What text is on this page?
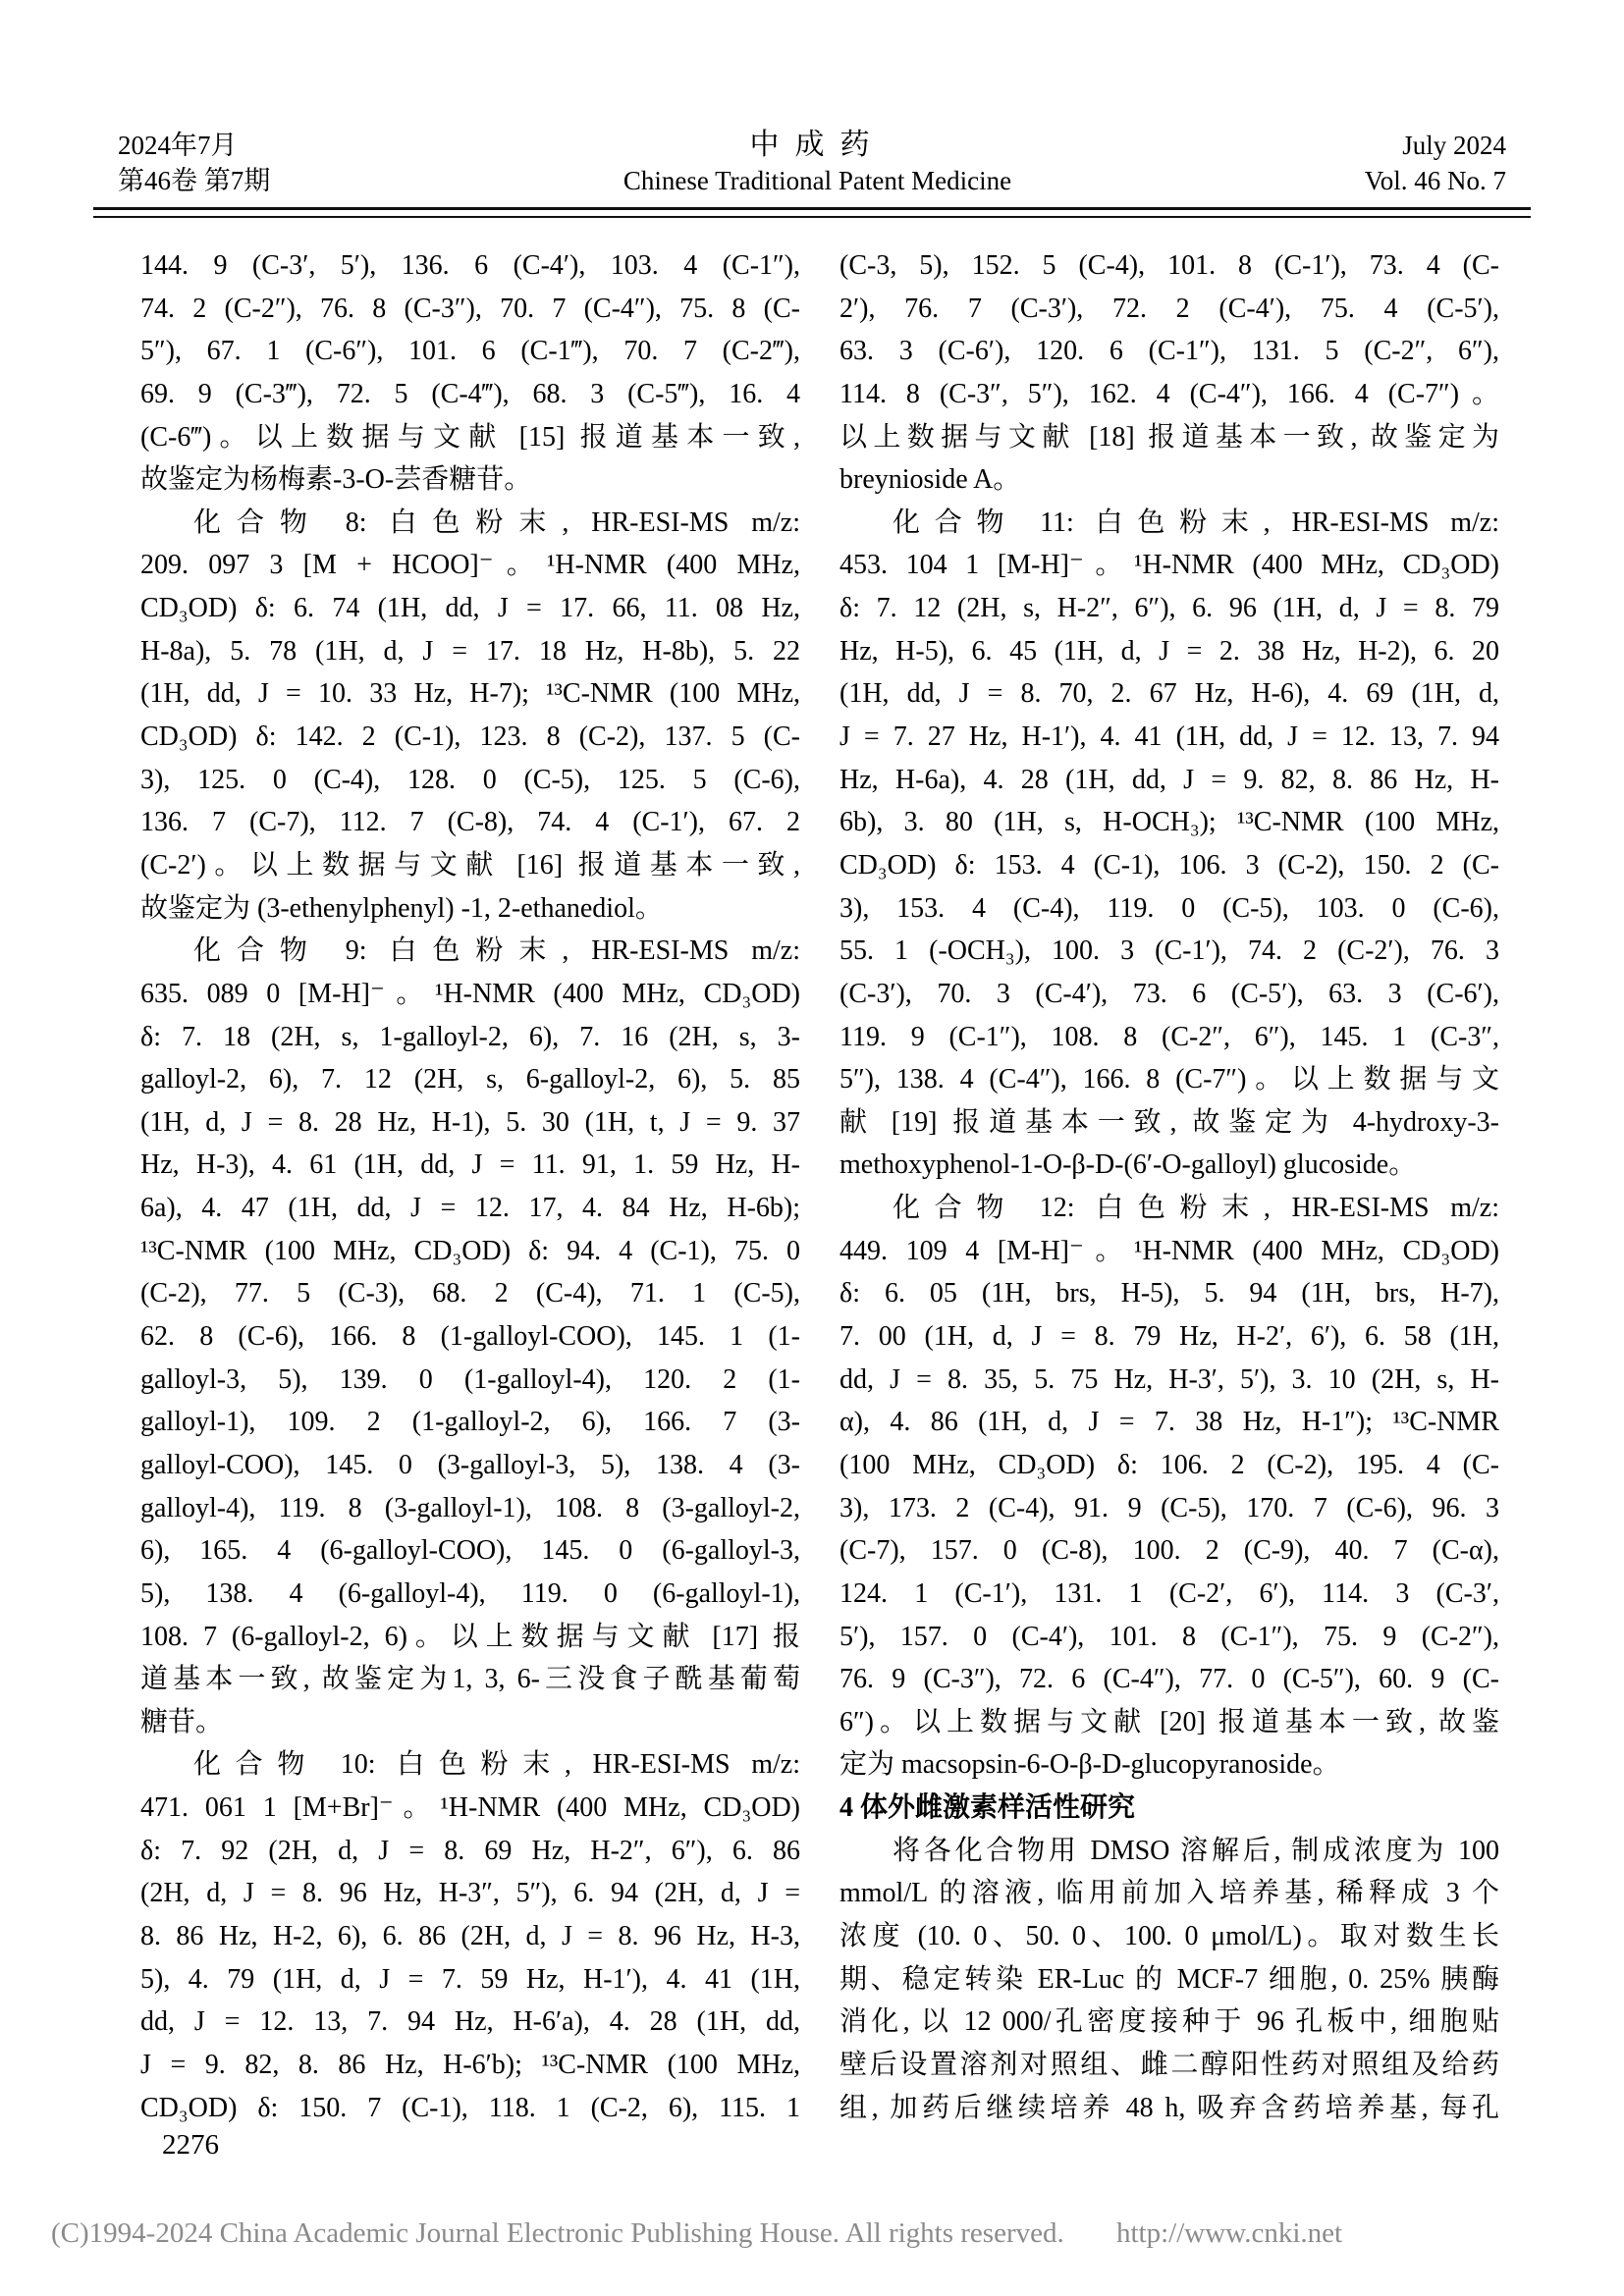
2024年7月
第46卷 第7期
中成药
Chinese Traditional Patent Medicine
July 2024
Vol. 46 No. 7
144. 9 (C-3′, 5′), 136. 6 (C-4′), 103. 4 (C-1″),
74. 2 (C-2″), 76. 8 (C-3″), 70. 7 (C-4″), 75. 8 (C-
5″), 67. 1 (C-6″), 101. 6 (C-1‴), 70. 7 (C-2‴),
69. 9 (C-3‴), 72. 5 (C-4‴), 68. 3 (C-5‴), 16. 4
(C-6‴)。以上数据与文献 [15] 报道基本一致,
故鉴定为杨梅素-3-O-芸香糖苷。
化合物 8: 白色粉末, HR-ESI-MS m/z:
209. 097 3 [M + HCOO]⁻。¹H-NMR (400 MHz,
CD₃OD) δ: 6. 74 (1H, dd, J = 17. 66, 11. 08 Hz,
H-8a), 5. 78 (1H, d, J = 17. 18 Hz, H-8b), 5. 22
(1H, dd, J = 10. 33 Hz, H-7); ¹³C-NMR (100 MHz,
CD₃OD) δ: 142. 2 (C-1), 123. 8 (C-2), 137. 5 (C-
3), 125. 0 (C-4), 128. 0 (C-5), 125. 5 (C-6),
136. 7 (C-7), 112. 7 (C-8), 74. 4 (C-1′), 67. 2
(C-2′)。以上数据与文献 [16] 报道基本一致,
故鉴定为 (3-ethenylphenyl) -1, 2-ethanediol。
化合物 9: 白色粉末, HR-ESI-MS m/z:
635. 089 0 [M-H]⁻。¹H-NMR (400 MHz, CD₃OD)
δ: 7. 18 (2H, s, 1-galloyl-2, 6), 7. 16 (2H, s, 3-
galloyl-2, 6), 7. 12 (2H, s, 6-galloyl-2, 6), 5. 85
(1H, d, J = 8. 28 Hz, H-1), 5. 30 (1H, t, J = 9. 37
Hz, H-3), 4. 61 (1H, dd, J = 11. 91, 1. 59 Hz, H-
6a), 4. 47 (1H, dd, J = 12. 17, 4. 84 Hz, H-6b);
¹³C-NMR (100 MHz, CD₃OD) δ: 94. 4 (C-1), 75. 0
(C-2), 77. 5 (C-3), 68. 2 (C-4), 71. 1 (C-5),
62. 8 (C-6), 166. 8 (1-galloyl-COO), 145. 1 (1-
galloyl-3, 5), 139. 0 (1-galloyl-4), 120. 2 (1-
galloyl-1), 109. 2 (1-galloyl-2, 6), 166. 7 (3-
galloyl-COO), 145. 0 (3-galloyl-3, 5), 138. 4 (3-
galloyl-4), 119. 8 (3-galloyl-1), 108. 8 (3-galloyl-2,
6), 165. 4 (6-galloyl-COO), 145. 0 (6-galloyl-3,
5), 138. 4 (6-galloyl-4), 119. 0 (6-galloyl-1),
108. 7 (6-galloyl-2, 6)。以上数据与文献 [17] 报
道基本一致, 故鉴定为1, 3, 6-三没食子酰基葡萄
糖苷。
化合物 10: 白色粉末, HR-ESI-MS m/z:
471. 061 1 [M+Br]⁻。¹H-NMR (400 MHz, CD₃OD)
δ: 7. 92 (2H, d, J = 8. 69 Hz, H-2″, 6″), 6. 86
(2H, d, J = 8. 96 Hz, H-3″, 5″), 6. 94 (2H, d, J =
8. 86 Hz, H-2, 6), 6. 86 (2H, d, J = 8. 96 Hz, H-3,
5), 4. 79 (1H, d, J = 7. 59 Hz, H-1′), 4. 41 (1H,
dd, J = 12. 13, 7. 94 Hz, H-6′a), 4. 28 (1H, dd,
J = 9. 82, 8. 86 Hz, H-6′b); ¹³C-NMR (100 MHz,
CD₃OD) δ: 150. 7 (C-1), 118. 1 (C-2, 6), 115. 1
(C-3, 5), 152. 5 (C-4), 101. 8 (C-1′), 73. 4 (C-
2′), 76. 7 (C-3′), 72. 2 (C-4′), 75. 4 (C-5′),
63. 3 (C-6′), 120. 6 (C-1″), 131. 5 (C-2″, 6″),
114. 8 (C-3″, 5″), 162. 4 (C-4″), 166. 4 (C-7″)。
以上数据与文献 [18] 报道基本一致, 故鉴定为
breynioside A。
化合物 11: 白色粉末, HR-ESI-MS m/z:
453. 104 1 [M-H]⁻。¹H-NMR (400 MHz, CD₃OD)
δ: 7. 12 (2H, s, H-2″, 6″), 6. 96 (1H, d, J = 8. 79
Hz, H-5), 6. 45 (1H, d, J = 2. 38 Hz, H-2), 6. 20
(1H, dd, J = 8. 70, 2. 67 Hz, H-6), 4. 69 (1H, d,
J = 7. 27 Hz, H-1′), 4. 41 (1H, dd, J = 12. 13, 7. 94
Hz, H-6a), 4. 28 (1H, dd, J = 9. 82, 8. 86 Hz, H-
6b), 3. 80 (1H, s, H-OCH₃); ¹³C-NMR (100 MHz,
CD₃OD) δ: 153. 4 (C-1), 106. 3 (C-2), 150. 2 (C-
3), 153. 4 (C-4), 119. 0 (C-5), 103. 0 (C-6),
55. 1 (-OCH₃), 100. 3 (C-1′), 74. 2 (C-2′), 76. 3
(C-3′), 70. 3 (C-4′), 73. 6 (C-5′), 63. 3 (C-6′),
119. 9 (C-1″), 108. 8 (C-2″, 6″), 145. 1 (C-3″,
5″), 138. 4 (C-4″), 166. 8 (C-7″)。以上数据与文
献 [19] 报道基本一致, 故鉴定为 4-hydroxy-3-
methoxyphenol-1-O-β-D-(6′-O-galloyl) glucoside。
化合物 12: 白色粉末, HR-ESI-MS m/z:
449. 109 4 [M-H]⁻。¹H-NMR (400 MHz, CD₃OD)
δ: 6. 05 (1H, brs, H-5), 5. 94 (1H, brs, H-7),
7. 00 (1H, d, J = 8. 79 Hz, H-2′, 6′), 6. 58 (1H,
dd, J = 8. 35, 5. 75 Hz, H-3′, 5′), 3. 10 (2H, s, H-
α), 4. 86 (1H, d, J = 7. 38 Hz, H-1″); ¹³C-NMR
(100 MHz, CD₃OD) δ: 106. 2 (C-2), 195. 4 (C-
3), 173. 2 (C-4), 91. 9 (C-5), 170. 7 (C-6), 96. 3
(C-7), 157. 0 (C-8), 100. 2 (C-9), 40. 7 (C-α),
124. 1 (C-1′), 131. 1 (C-2′, 6′), 114. 3 (C-3′,
5′), 157. 0 (C-4′), 101. 8 (C-1″), 75. 9 (C-2″),
76. 9 (C-3″), 72. 6 (C-4″), 77. 0 (C-5″), 60. 9 (C-
6″)。以上数据与文献 [20] 报道基本一致, 故鉴
定为 macsopsin-6-O-β-D-glucopyranoside。
4 体外雌激素样活性研究
将各化合物用 DMSO 溶解后, 制成浓度为 100
mmol/L 的溶液, 临用前加入培养基, 稀释成 3 个
浓度 (10. 0、50. 0、100. 0 μmol/L)。取对数生长
期、稳定转染 ER-Luc 的 MCF-7 细胞, 0. 25% 胰酶
消化, 以 12 000/孔密度接种于 96 孔板中, 细胞贴
壁后设置溶剂对照组、雌二醇阳性药对照组及给药
组, 加药后继续培养 48 h, 吸弃含药培养基, 每孔
2276
(C)1994-2024 China Academic Journal Electronic Publishing House. All rights reserved. http://www.cnki.net
